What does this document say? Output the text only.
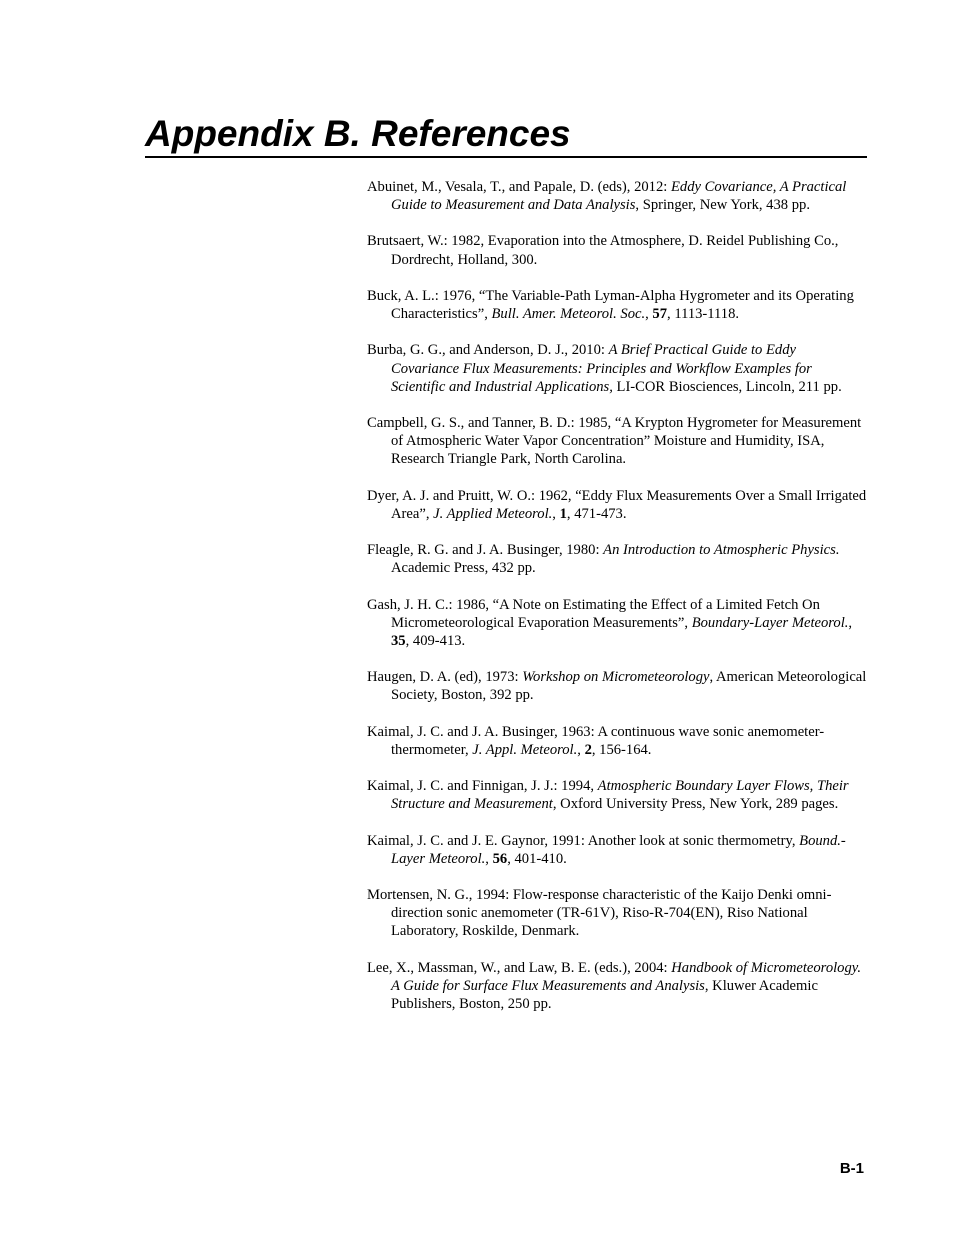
Appendix B. References
Abuinet, M., Vesala, T., and Papale, D. (eds), 2012: Eddy Covariance, A Practical Guide to Measurement and Data Analysis, Springer, New York, 438 pp.
Brutsaert, W.: 1982, Evaporation into the Atmosphere, D. Reidel Publishing Co., Dordrecht, Holland, 300.
Buck, A. L.: 1976, “The Variable-Path Lyman-Alpha Hygrometer and its Operating Characteristics”, Bull. Amer. Meteorol. Soc., 57, 1113-1118.
Burba, G. G., and Anderson, D. J., 2010: A Brief Practical Guide to Eddy Covariance Flux Measurements: Principles and Workflow Examples for Scientific and Industrial Applications, LI-COR Biosciences, Lincoln, 211 pp.
Campbell, G. S., and Tanner, B. D.: 1985, “A Krypton Hygrometer for Measurement of Atmospheric Water Vapor Concentration” Moisture and Humidity, ISA, Research Triangle Park, North Carolina.
Dyer, A. J. and Pruitt, W. O.: 1962, “Eddy Flux Measurements Over a Small Irrigated Area”, J. Applied Meteorol., 1, 471-473.
Fleagle, R. G. and J. A. Businger, 1980: An Introduction to Atmospheric Physics. Academic Press, 432 pp.
Gash, J. H. C.: 1986, “A Note on Estimating the Effect of a Limited Fetch On Micrometeorological Evaporation Measurements”, Boundary-Layer Meteorol., 35, 409-413.
Haugen, D. A. (ed), 1973: Workshop on Micrometeorology, American Meteorological Society, Boston, 392 pp.
Kaimal, J. C. and J. A. Businger, 1963: A continuous wave sonic anemometer-thermometer, J. Appl. Meteorol., 2, 156-164.
Kaimal, J. C. and Finnigan, J. J.: 1994, Atmospheric Boundary Layer Flows, Their Structure and Measurement, Oxford University Press, New York, 289 pages.
Kaimal, J. C. and J. E. Gaynor, 1991: Another look at sonic thermometry, Bound.-Layer Meteorol., 56, 401-410.
Mortensen, N. G., 1994: Flow-response characteristic of the Kaijo Denki omni-direction sonic anemometer (TR-61V), Riso-R-704(EN), Riso National Laboratory, Roskilde, Denmark.
Lee, X., Massman, W., and Law, B. E. (eds.), 2004: Handbook of Micrometeorology. A Guide for Surface Flux Measurements and Analysis, Kluwer Academic Publishers, Boston, 250 pp.
B-1
